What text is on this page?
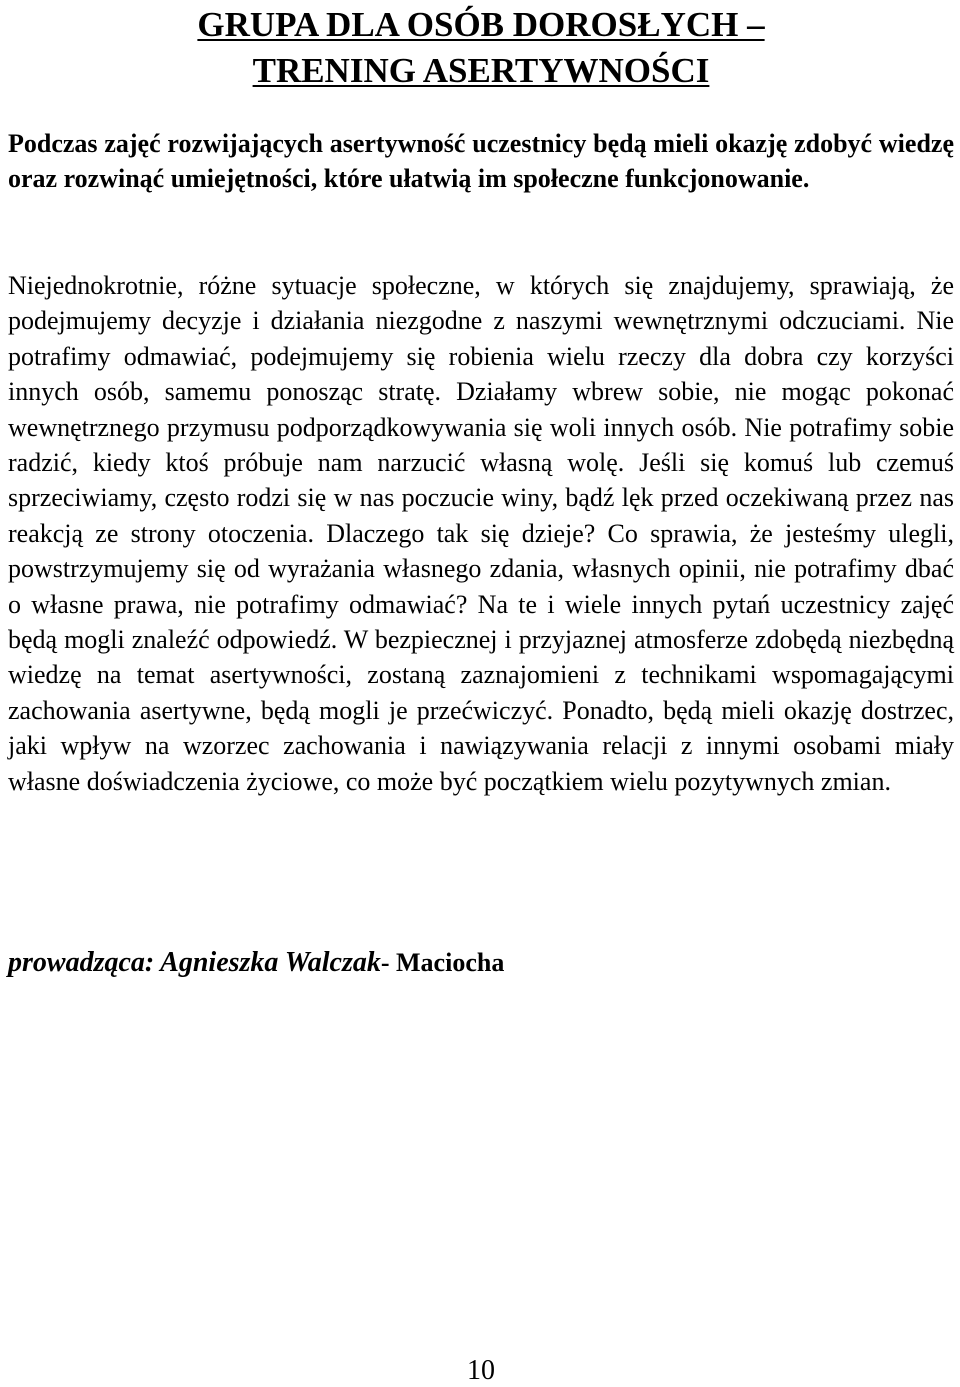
GRUPA DLA OSÓB DOROSŁYCH –
TRENING ASERTYWNOŚCI

Podczas zajęć rozwijających asertywność uczestnicy będą mieli okazję zdobyć wiedzę oraz rozwinąć umiejętności, które ułatwią im społeczne funkcjonowanie.

Niejednokrotnie, różne sytuacje społeczne, w których się znajdujemy, sprawiają, że podejmujemy decyzje i działania niezgodne z naszymi wewnętrznymi odczuciami. Nie potrafimy odmawiać, podejmujemy się robienia wielu rzeczy dla dobra czy korzyści innych osób, samemu ponosząc stratę. Działamy wbrew sobie, nie mogąc pokonać wewnętrznego przymusu podporządkowywania się woli innych osób. Nie potrafimy sobie radzić, kiedy ktoś próbuje nam narzucić własną wolę. Jeśli się komuś lub czemuś sprzeciwiamy, często rodzi się w nas poczucie winy, bądź lęk przed oczekiwaną przez nas reakcją ze strony otoczenia. Dlaczego tak się dzieje? Co sprawia, że jesteśmy ulegli, powstrzymujemy się od wyrażania własnego zdania, własnych opinii, nie potrafimy dbać o własne prawa, nie potrafimy odmawiać? Na te i wiele innych pytań uczestnicy zajęć będą mogli znaleźć odpowiedź. W bezpiecznej i przyjaznej atmosferze zdobędą niezbędną wiedzę na temat asertywności, zostaną zaznajomieni z technikami wspomagającymi zachowania asertywne, będą mogli je przećwiczyć. Ponadto, będą mieli okazję dostrzec, jaki wpływ na wzorzec zachowania i nawiązywania relacji z innymi osobami miały własne doświadczenia życiowe, co może być początkiem wielu pozytywnych zmian.

prowadząca: Agnieszka Walczak- Maciocha

10
